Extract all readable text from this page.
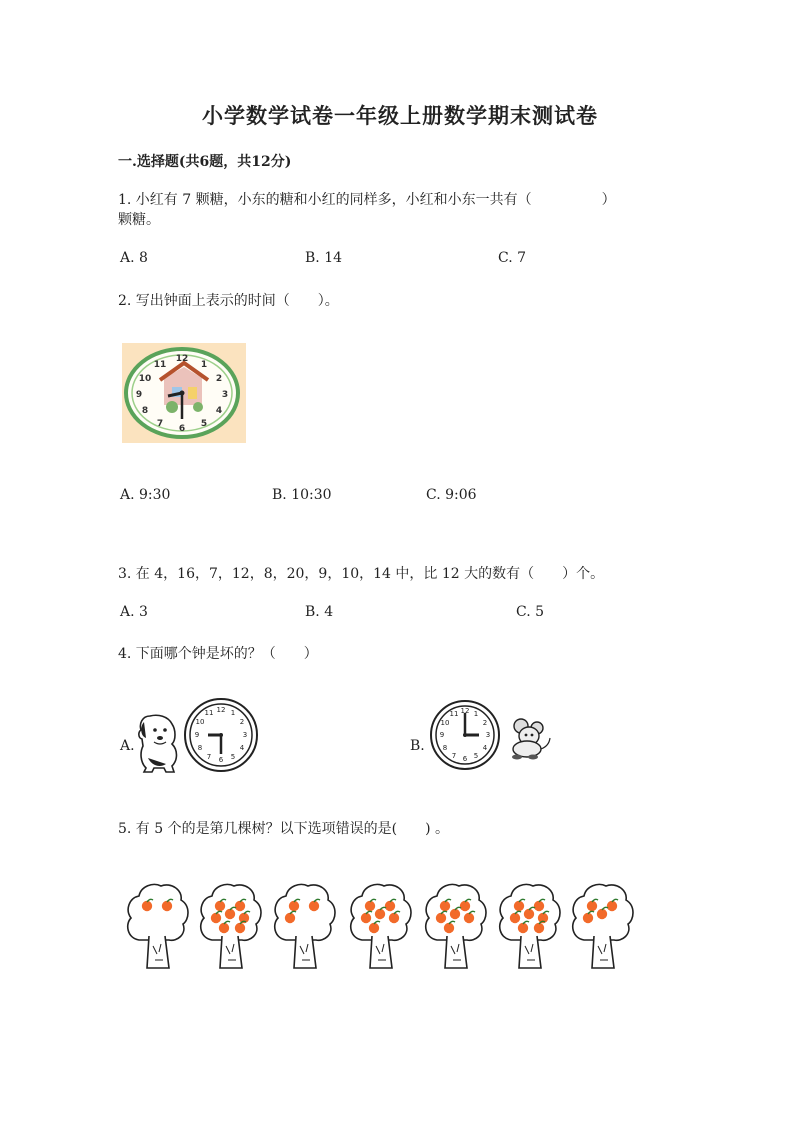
小学数学试卷一年级上册数学期末测试卷
一.选择题(共6题，共12分)
1. 小红有 7 颗糖，小东的糖和小红的同样多，小红和小东一共有（　　　　　）
颗糖。
A. 8	B. 14	C. 7
2. 写出钟面上表示的时间（　　）。
12
1
2
3
4
5
6
7
8
9
10
11
A. 9:30	B. 10:30	C. 9:06
3. 在 4，16，7，12，8，20，9，10，14 中，比 12 大的数有（　　）个。
A. 3	B. 4	C. 5
4. 下面哪个钟是坏的？（　　）
A.	B.
12 1
2
3
4
5
6
7
8
9
10
11	12 1
2
3
4
5
6
7
8
9
10
11
5. 有 5 个的是第几棵树？以下选项错误的是(　　) 。
